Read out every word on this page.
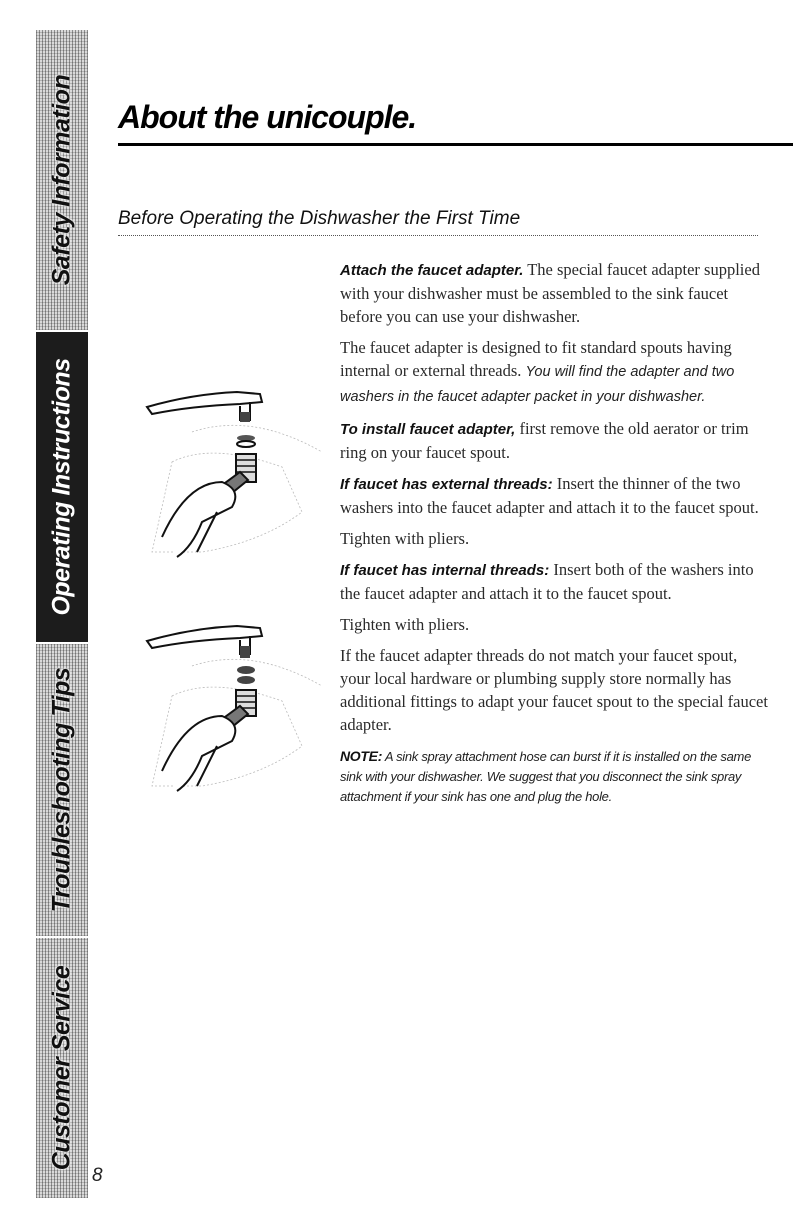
Safety Information
Operating Instructions
Troubleshooting Tips
Customer Service
8
About the unicouple.
Before Operating the Dishwasher the First Time

Attach the faucet adapter. The special faucet adapter supplied with your dishwasher must be assembled to the sink faucet before you can use your dishwasher.

The faucet adapter is designed to fit standard spouts having internal or external threads. You will find the adapter and two washers in the faucet adapter packet in your dishwasher.

To install faucet adapter, first remove the old aerator or trim ring on your faucet spout.

If faucet has external threads: Insert the thinner of the two washers into the faucet adapter and attach it to the faucet spout.

Tighten with pliers.

If faucet has internal threads: Insert both of the washers into the faucet adapter and attach it to the faucet spout.

Tighten with pliers.

If the faucet adapter threads do not match your faucet spout, your local hardware or plumbing supply store normally has additional fittings to adapt your faucet spout to the special faucet adapter.

NOTE: A sink spray attachment hose can burst if it is installed on the same sink with your dishwasher. We suggest that you disconnect the sink spray attachment if your sink has one and plug the hole.
